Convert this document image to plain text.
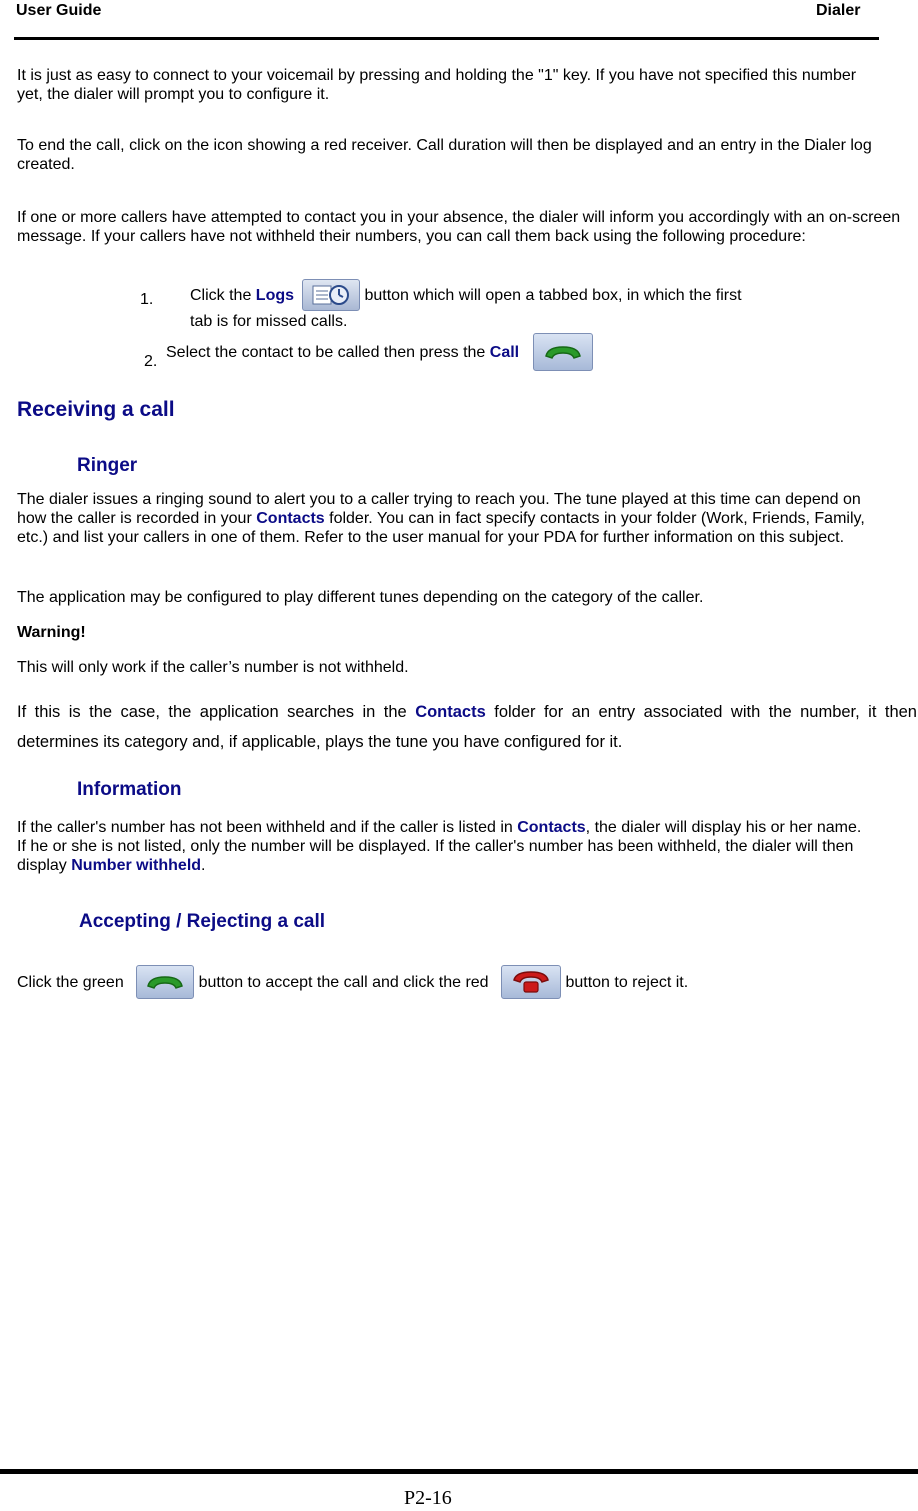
User Guide	Dialer

It is just as easy to connect to your voicemail by pressing and holding the "1" key. If you have not specified this number yet, the dialer will prompt you to configure it.

To end the call, click on the icon showing a red receiver. Call duration will then be displayed and an entry in the Dialer log created.

If one or more callers have attempted to contact you in your absence, the dialer will inform you accordingly with an on-screen message. If your callers have not withheld their numbers, you can call them back using the following procedure:

1. Click the Logs

	button which will open a tabbed box, in which the first
tab is for missed calls.
2.
Select the contact to be called then press the Call

Receiving a call
Ringer

The dialer issues a ringing sound to alert you to a caller trying to reach you. The tune played at this time can depend on how the caller is recorded in your Contacts folder. You can in fact specify contacts in your folder (Work, Friends, Family, etc.) and list your callers in one of them. Refer to the user manual for your PDA for further information on this subject.

The application may be configured to play different tunes depending on the category of the caller.

Warning!

This will only work if the caller’s number is not withheld.

If this is the case, the application searches in the Contacts folder for an entry associated with the number, it then determines its category and, if applicable, plays the tune you have configured for it.

Information

If the caller's number has not been withheld and if the caller is listed in Contacts, the dialer will display his or her name. If he or she is not listed, only the number will be displayed. If the caller's number has been withheld, the dialer will then display Number withheld.

Accepting / Rejecting a call
Click the green

	button to accept the call and click the red

	button to reject it.
P2-16
